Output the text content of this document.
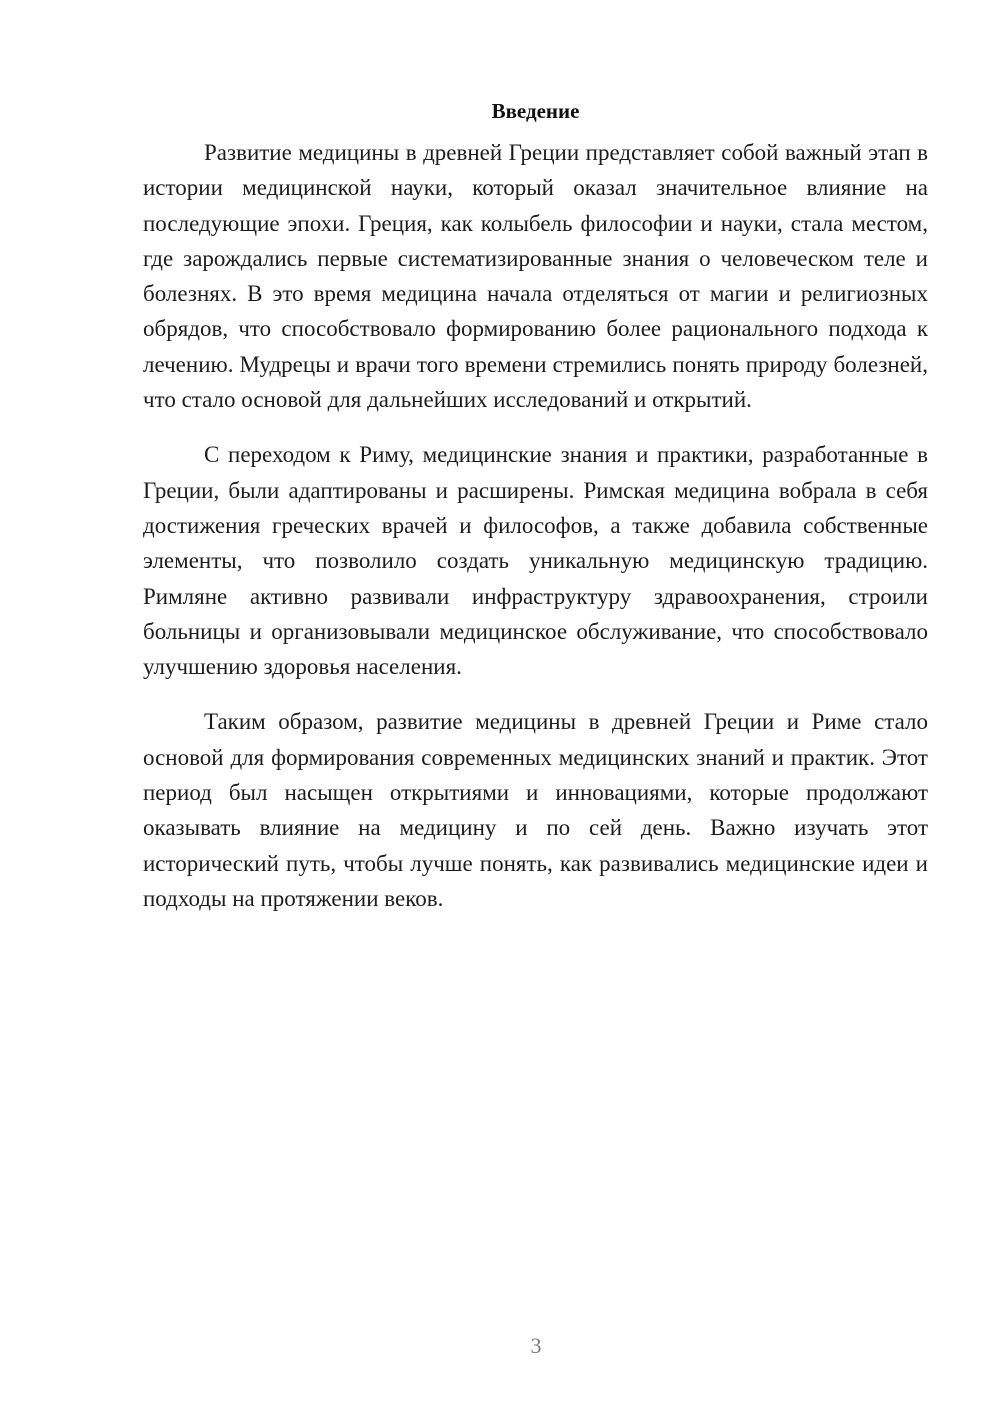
Введение

Развитие медицины в древней Греции представляет собой важный этап в истории медицинской науки, который оказал значительное влияние на последующие эпохи. Греция, как колыбель философии и науки, стала местом, где зарождались первые систематизированные знания о человеческом теле и болезнях. В это время медицина начала отделяться от магии и религиозных обрядов, что способствовало формированию более рационального подхода к лечению. Мудрецы и врачи того времени стремились понять природу болезней, что стало основой для дальнейших исследований и открытий.

С переходом к Риму, медицинские знания и практики, разработанные в Греции, были адаптированы и расширены. Римская медицина вобрала в себя достижения греческих врачей и философов, а также добавила собственные элементы, что позволило создать уникальную медицинскую традицию. Римляне активно развивали инфраструктуру здравоохранения, строили больницы и организовывали медицинское обслуживание, что способствовало улучшению здоровья населения.

Таким образом, развитие медицины в древней Греции и Риме стало основой для формирования современных медицинских знаний и практик. Этот период был насыщен открытиями и инновациями, которые продолжают оказывать влияние на медицину и по сей день. Важно изучать этот исторический путь, чтобы лучше понять, как развивались медицинские идеи и подходы на протяжении веков.

3
